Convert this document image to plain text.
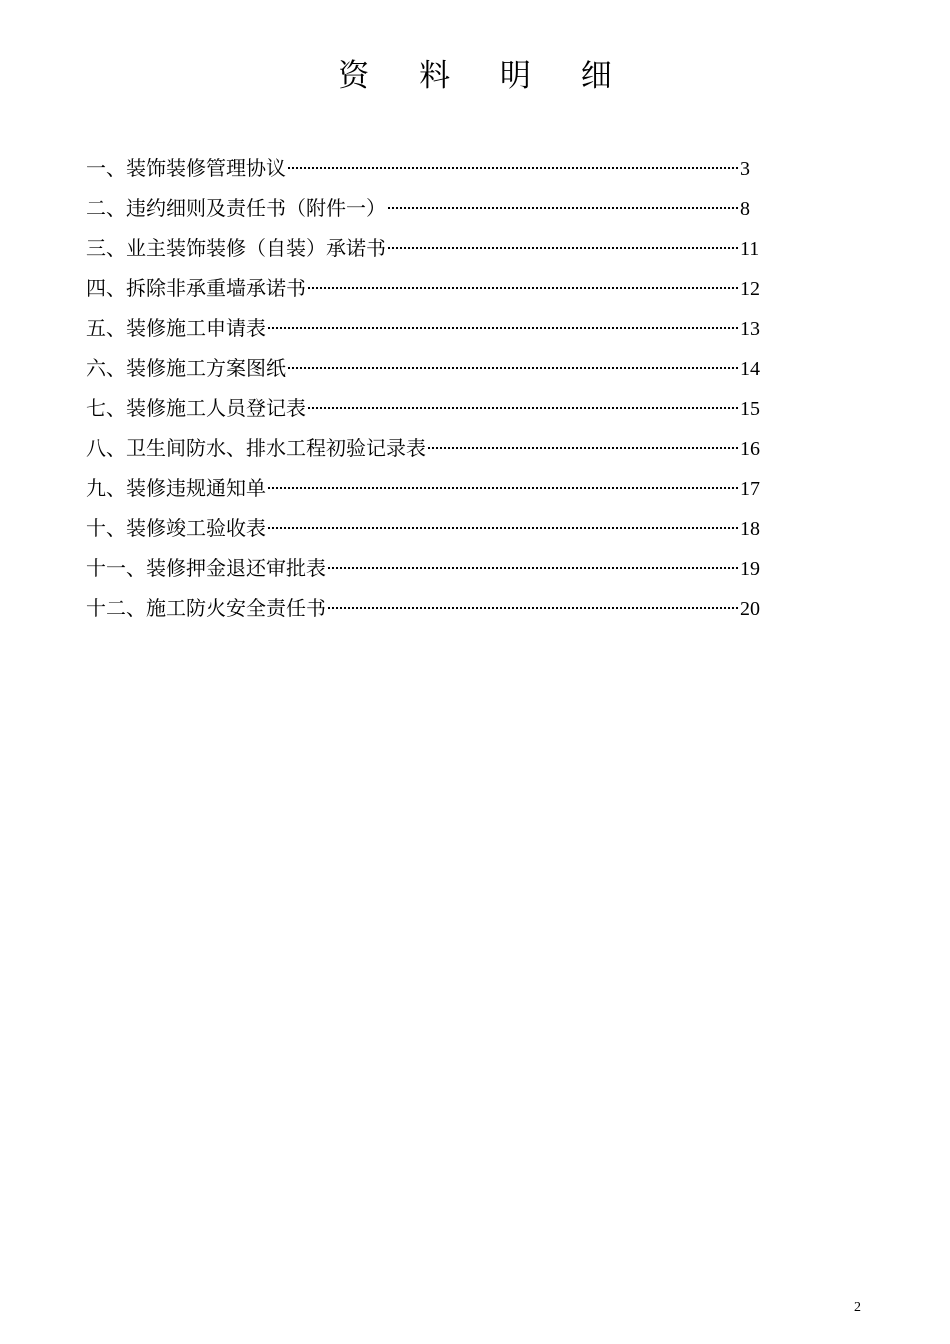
资 料 明 细
一、装饰装修管理协议	3
二、违约细则及责任书（附件一）	8
三、业主装饰装修（自装）承诺书	11
四、拆除非承重墙承诺书	12
五、装修施工申请表	13
六、装修施工方案图纸	14
七、装修施工人员登记表	15
八、卫生间防水、排水工程初验记录表	16
九、装修违规通知单	17
十、装修竣工验收表	18
十一、装修押金退还审批表	19
十二、施工防火安全责任书	20
2
